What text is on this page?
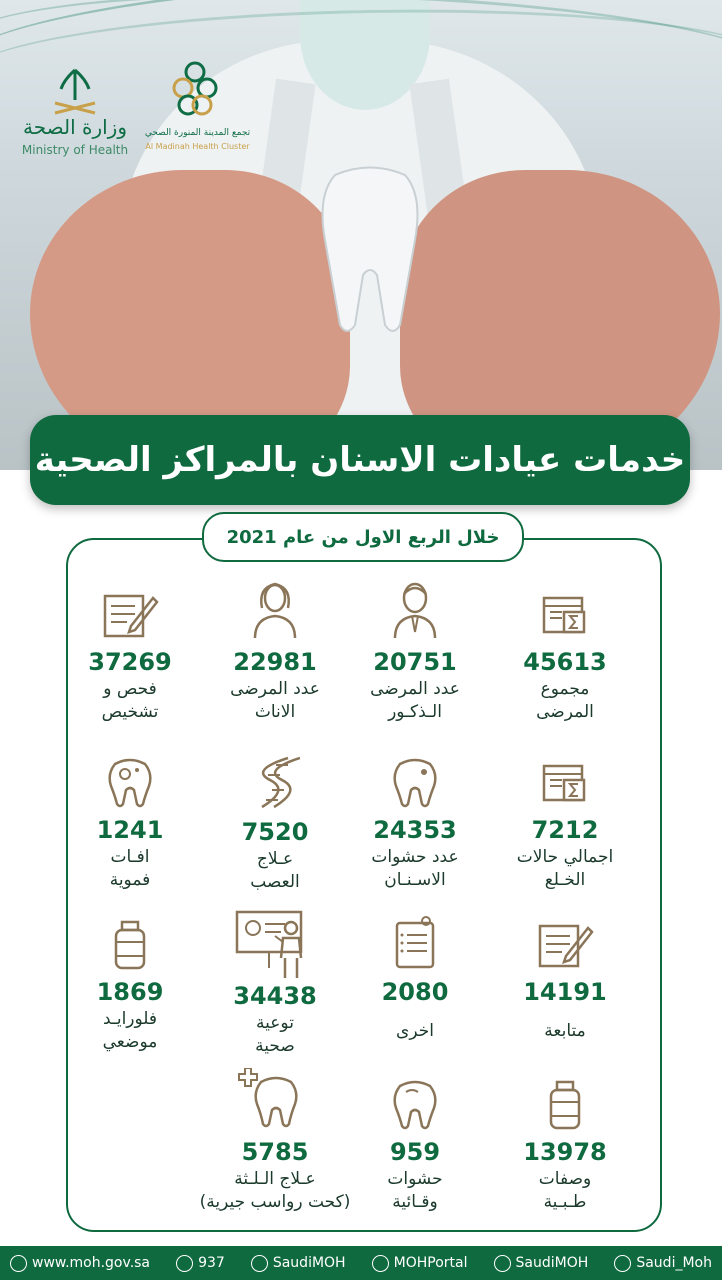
وزارة الصحة
Ministry of Health
تجمع المدينة المنورة الصحي
Al Madinah Health Cluster
خدمات عيادات الاسنان بالمراكز الصحية
خلال الربع الاول من عام 2021
45613
مجموع
المرضى
20751
عدد المرضى
الـذكـور
22981
عدد المرضى
الاناث
37269
فحص و
تشخيص
7212
اجمالي حالات
الخـلع
24353
عدد حشوات
الاسـنـان
7520
عـلاج
العصب
1241
افـات
فموية
14191
متابعة
2080
اخرى
34438
توعية
صحية
1869
فلورايـد
موضعي
13978
وصفات
طـبـية
959
حشوات
وقـائية
5785
عـلاج الـلـثة
(كحت رواسب جيرية)
www.moh.gov.sa	937	SaudiMOH	MOHPortal	SaudiMOH	Saudi_Moh
